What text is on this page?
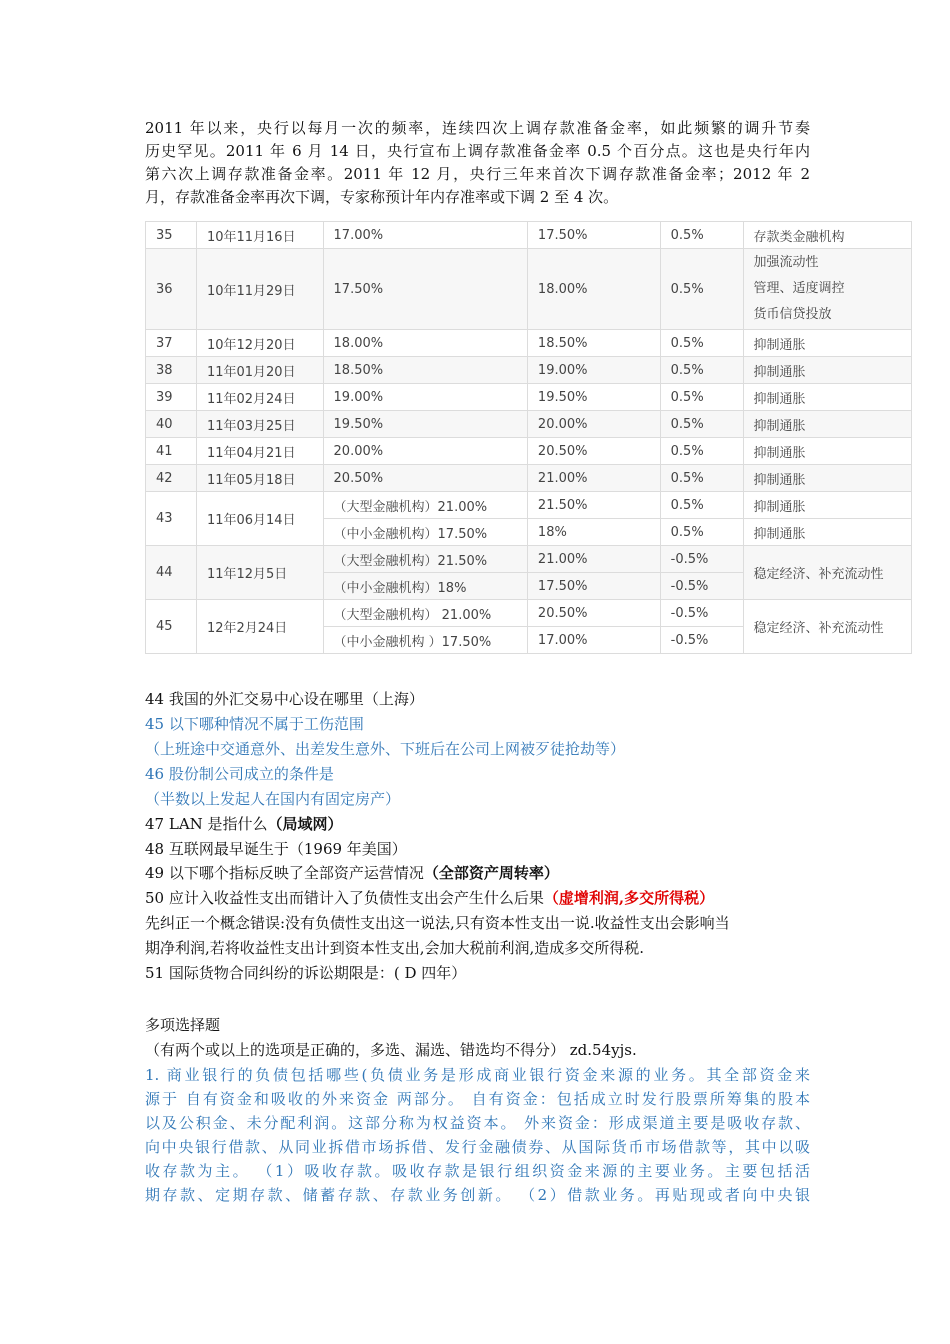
2011 年以来，央行以每月一次的频率，连续四次上调存款准备金率，如此频繁的调升节奏
历史罕见。2011 年 6 月 14 日，央行宣布上调存款准备金率 0.5 个百分点。这也是央行年内
第六次上调存款准备金率。2011 年 12 月，央行三年来首次下调存款准备金率；2012 年 2
月，存款准备金率再次下调，专家称预计年内存准率或下调 2 至 4 次。
35	10年11月16日	17.00%	17.50%	0.5%	存款类金融机构
36	10年11月29日	17.50%	18.00%	0.5%	加强流动性
管理、适度调控
货币信贷投放

37	10年12月20日	18.00%	18.50%	0.5%	抑制通胀
38	11年01月20日	18.50%	19.00%	0.5%	抑制通胀
39	11年02月24日	19.00%	19.50%	0.5%	抑制通胀
40	11年03月25日	19.50%	20.00%	0.5%	抑制通胀
41	11年04月21日	20.00%	20.50%	0.5%	抑制通胀
42	11年05月18日	20.50%	21.00%	0.5%	抑制通胀
43	11年06月14日	（大型金融机构）21.00%	21.50%	0.5%	抑制通胀
		（中小金融机构）17.50%	18%	0.5%	抑制通胀
44	11年12月5日	（大型金融机构）21.50%	21.00%	-0.5%	稳定经济、补充流动性
		（中小金融机构）18%	17.50%	-0.5%	
45	12年2月24日	（大型金融机构） 21.00%	20.50%	-0.5%	稳定经济、补充流动性
		（中小金融机构 ）17.50%	17.00%	-0.5%	
44 我国的外汇交易中心设在哪里（上海）
45 以下哪种情况不属于工伤范围
（上班途中交通意外、出差发生意外、下班后在公司上网被歹徒抢劫等）
46 股份制公司成立的条件是
（半数以上发起人在国内有固定房产）
47 LAN 是指什么（局域网）
48 互联网最早诞生于（1969 年美国）
49 以下哪个指标反映了全部资产运营情况（全部资产周转率）
50 应计入收益性支出而错计入了负债性支出会产生什么后果（虚增利润,多交所得税）
先纠正一个概念错误:没有负债性支出这一说法,只有资本性支出一说.收益性支出会影响当
期净利润,若将收益性支出计到资本性支出,会加大税前利润,造成多交所得税.
51 国际货物合同纠纷的诉讼期限是：( D 四年）
多项选择题
（有两个或以上的选项是正确的，多选、漏选、错选均不得分） zd.54yjs.
1. 商业银行的负债包括哪些(负债业务是形成商业银行资金来源的业务。其全部资金来
源于 自有资金和吸收的外来资金 两部分。 自有资金：包括成立时发行股票所筹集的股本
以及公积金、未分配利润。这部分称为权益资本。 外来资金：形成渠道主要是吸收存款、
向中央银行借款、从同业拆借市场拆借、发行金融债券、从国际货币市场借款等，其中以吸
收存款为主。 （1）吸收存款。吸收存款是银行组织资金来源的主要业务。主要包括活
期存款、定期存款、储蓄存款、存款业务创新。 （2）借款业务。再贴现或者向中央银
